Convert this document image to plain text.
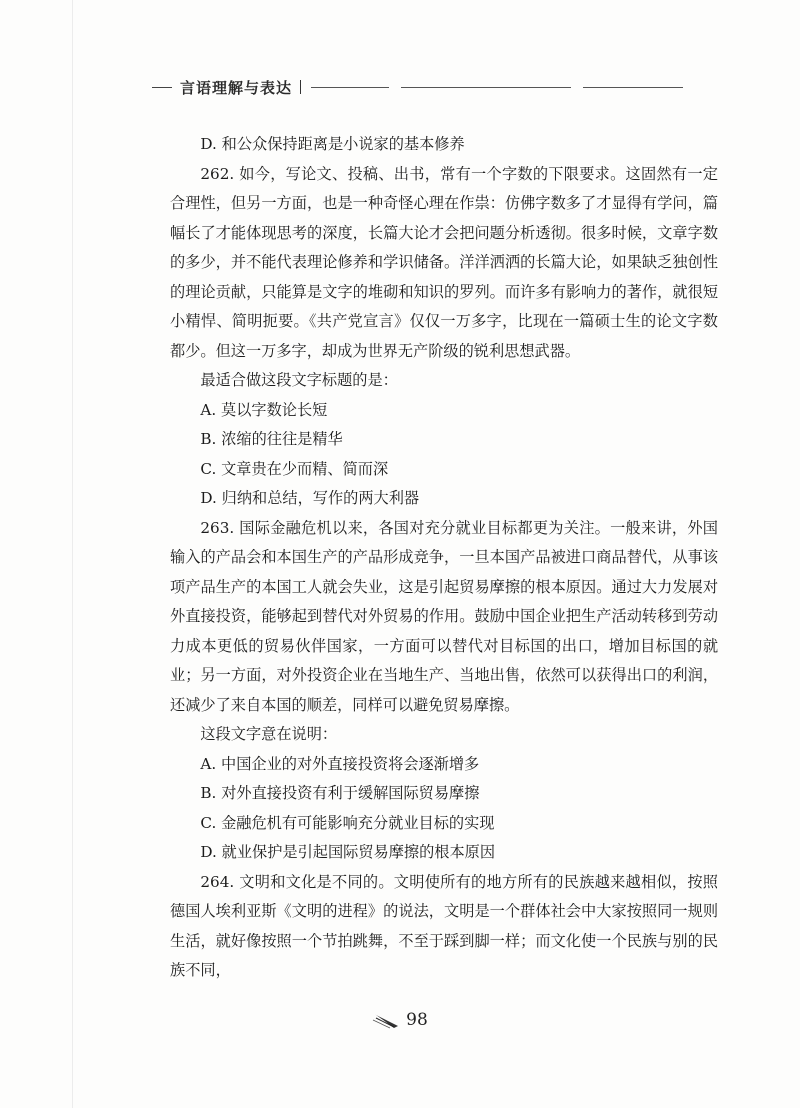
言语理解与表达

D. 和公众保持距离是小说家的基本修养

262. 如今，写论文、投稿、出书，常有一个字数的下限要求。这固然有一定合理性，但另一方面，也是一种奇怪心理在作祟：仿佛字数多了才显得有学问，篇幅长了才能体现思考的深度，长篇大论才会把问题分析透彻。很多时候，文章字数的多少，并不能代表理论修养和学识储备。洋洋洒洒的长篇大论，如果缺乏独创性的理论贡献，只能算是文字的堆砌和知识的罗列。而许多有影响力的著作，就很短小精悍、简明扼要。《共产党宣言》仅仅一万多字，比现在一篇硕士生的论文字数都少。但这一万多字，却成为世界无产阶级的锐利思想武器。

最适合做这段文字标题的是：

A. 莫以字数论长短

B. 浓缩的往往是精华

C. 文章贵在少而精、简而深

D. 归纳和总结，写作的两大利器

263. 国际金融危机以来，各国对充分就业目标都更为关注。一般来讲，外国输入的产品会和本国生产的产品形成竞争，一旦本国产品被进口商品替代，从事该项产品生产的本国工人就会失业，这是引起贸易摩擦的根本原因。通过大力发展对外直接投资，能够起到替代对外贸易的作用。鼓励中国企业把生产活动转移到劳动力成本更低的贸易伙伴国家，一方面可以替代对目标国的出口，增加目标国的就业；另一方面，对外投资企业在当地生产、当地出售，依然可以获得出口的利润，还减少了来自本国的顺差，同样可以避免贸易摩擦。

这段文字意在说明：

A. 中国企业的对外直接投资将会逐渐增多

B. 对外直接投资有利于缓解国际贸易摩擦

C. 金融危机有可能影响充分就业目标的实现

D. 就业保护是引起国际贸易摩擦的根本原因

264. 文明和文化是不同的。文明使所有的地方所有的民族越来越相似，按照德国人埃利亚斯《文明的进程》的说法，文明是一个群体社会中大家按照同一规则生活，就好像按照一个节拍跳舞，不至于踩到脚一样；而文化使一个民族与别的民族不同，

98
